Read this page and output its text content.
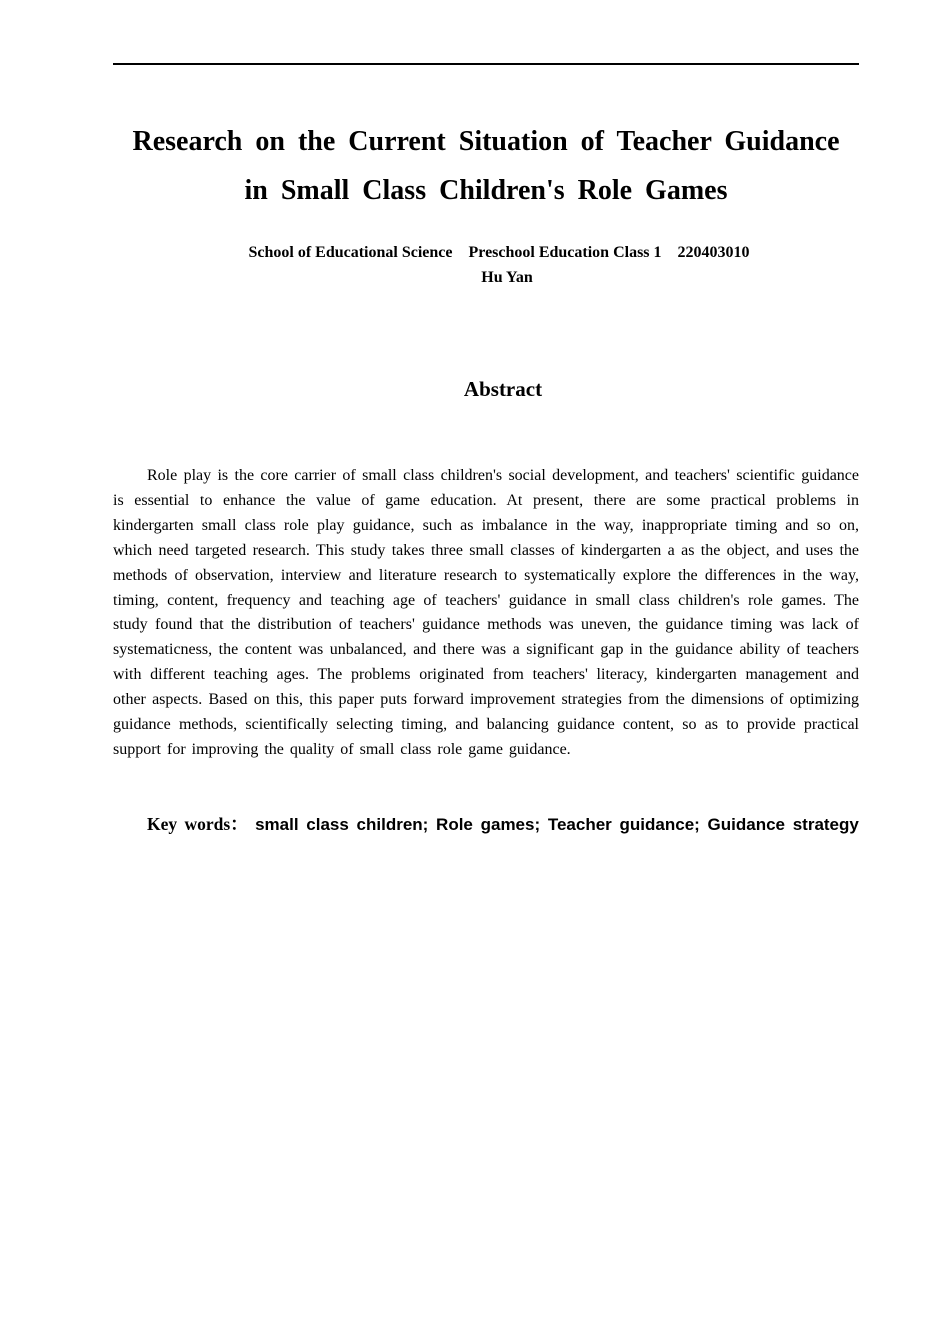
Research on the Current Situation of Teacher Guidance
in Small Class Children's Role Games
School of Educational Science    Preschool Education Class 1    220403010
Hu Yan
Abstract

Role play is the core carrier of small class children's social development, and teachers' scientific guidance is essential to enhance the value of game education. At present, there are some practical problems in kindergarten small class role play guidance, such as imbalance in the way, inappropriate timing and so on, which need targeted research. This study takes three small classes of kindergarten a as the object, and uses the methods of observation, interview and literature research to systematically explore the differences in the way, timing, content, frequency and teaching age of teachers' guidance in small class children's role games. The study found that the distribution of teachers' guidance methods was uneven, the guidance timing was lack of systematicness, the content was unbalanced, and there was a significant gap in the guidance ability of teachers with different teaching ages. The problems originated from teachers' literacy, kindergarten management and other aspects. Based on this, this paper puts forward improvement strategies from the dimensions of optimizing guidance methods, scientifically selecting timing, and balancing guidance content, so as to provide practical support for improving the quality of small class role game guidance.

Key words： small class children; Role games; Teacher guidance; Guidance strategy
